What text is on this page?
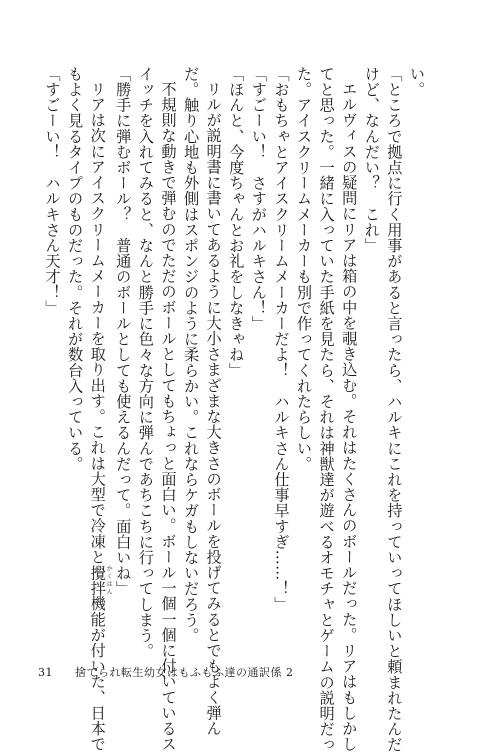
い。
「ところで拠点に行く用事があると言ったら、ハルキにこれを持っていってほしいと頼まれたんだ
けど、なんだい？　これ」
エルヴィスの疑問にリアは箱の中を覗き込む。それはたくさんのボールだった。リアはもしかし
てと思った。一緒に入っていた手紙を見たら、それは神獣達が遊べるオモチャとゲームの説明だっ
た。アイスクリームメーカーも別で作ってくれたらしい。
「おもちゃとアイスクリームメーカーだよ！　ハルキさん仕事早すぎ……！」
「すごーい！　さすがハルキさん！」
「ほんと、今度ちゃんとお礼をしなきゃね」
リルが説明書に書いてあるように大小さまざまな大きさのボールを投げてみるとでもよく弾ん
だ。触り心地も外側はスポンジのように柔らかい。これならケガもしないだろう。
不規則な動きで弾むのでただのボールとしてもちょっと面白い。ボール一個一個に付いているス
イッチを入れてみると、なんと勝手に色々な方向に弾んであちこちに行ってしまう。
「勝手に弾むボール？　普通のボールとしても使えるんだって。面白いね」
リアは次にアイスクリームメーカーを取り出す。これは大型で冷凍と攪拌かくはん機能が付いた、日本で
もよく見るタイプのものだった。それが数台入っている。
「すごーい！　ハルキさん天才！」
31 捨てられ転生幼女はもふもふ達の通訳係 2
